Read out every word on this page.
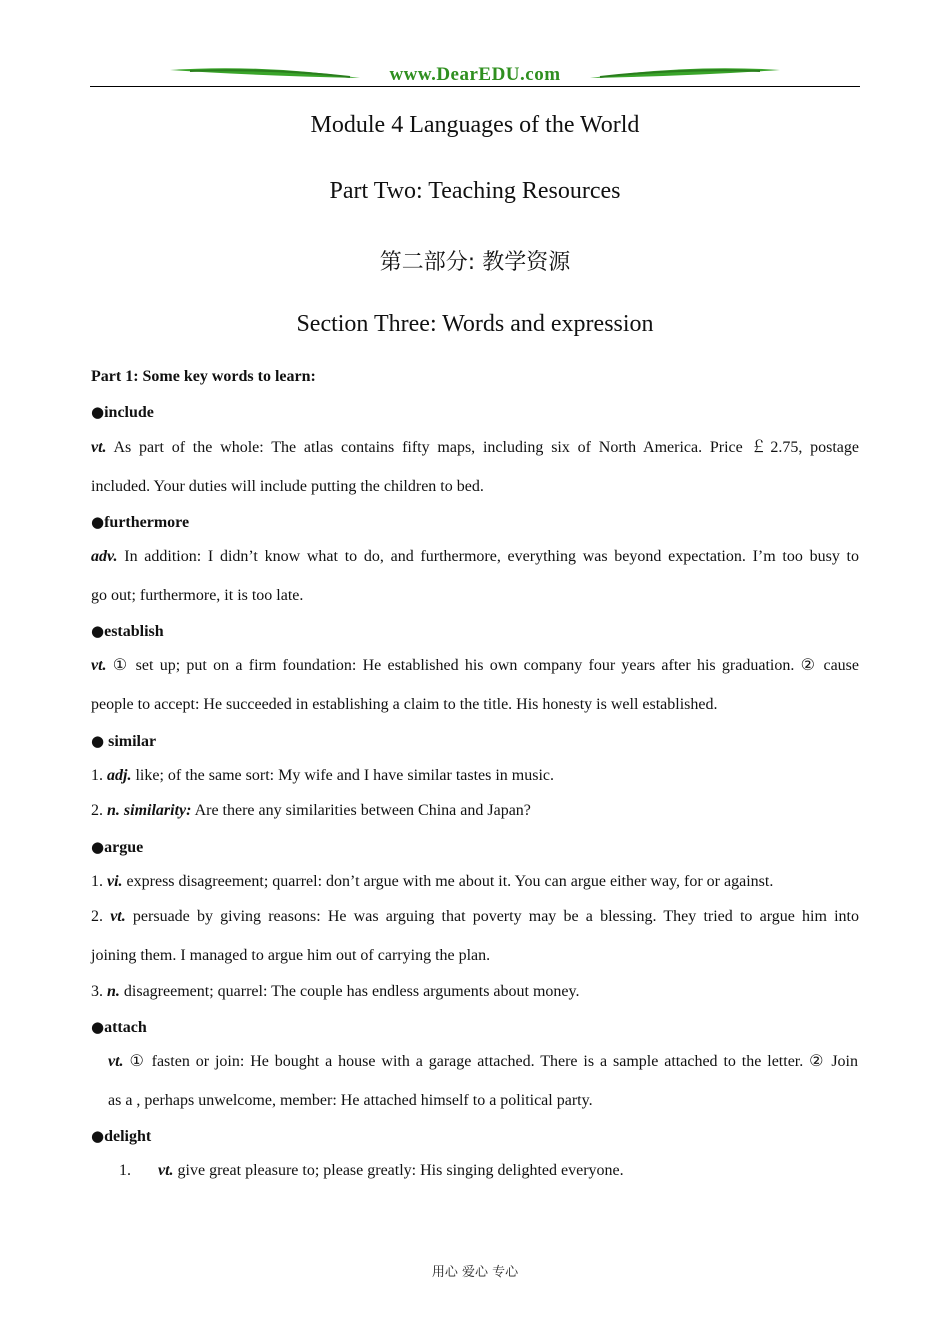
www.DearEDU.com
Module 4 Languages of the World
Part Two: Teaching Resources
第二部分: 教学资源
Section Three: Words and expression
Part 1: Some key words to learn:
●include
vt. As part of the whole: The atlas contains fifty maps, including six of North America. Price ￡2.75, postage
included. Your duties will include putting the children to bed.
●furthermore
adv. In addition: I didn’t know what to do, and furthermore, everything was beyond expectation. I’m too busy to
go out; furthermore, it is too late.
●establish
vt. ① set up; put on a firm foundation: He established his own company four years after his graduation. ② cause
people to accept: He succeeded in establishing a claim to the title. His honesty is well established.
● similar
1. adj. like; of the same sort: My wife and I have similar tastes in music.
2. n. similarity: Are there any similarities between China and Japan?
●argue
1. vi. express disagreement; quarrel: don’t argue with me about it. You can argue either way, for or against.
2. vt. persuade by giving reasons: He was arguing that poverty may be a blessing. They tried to argue him into
joining them. I managed to argue him out of carrying the plan.
3. n. disagreement; quarrel: The couple has endless arguments about money.
●attach
vt. ① fasten or join: He bought a house with a garage attached. There is a sample attached to the letter. ② Join
as a , perhaps unwelcome, member: He attached himself to a political party.
●delight
1. vt. give great pleasure to; please greatly: His singing delighted everyone.
用心 爱心 专心
